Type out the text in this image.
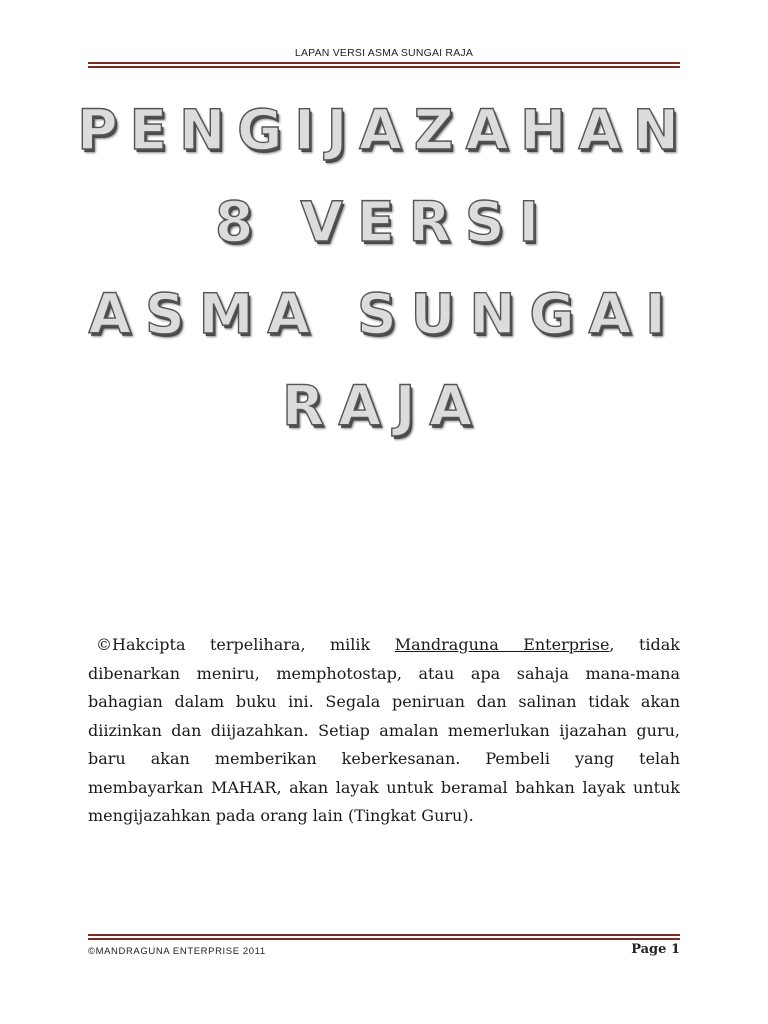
LAPAN VERSI ASMA SUNGAI RAJA
PENGIJAZAHAN
8 VERSI
ASMA SUNGAI
RAJA

©Hakcipta terpelihara, milik Mandraguna Enterprise, tidak dibenarkan meniru, memphotostap, atau apa sahaja mana-mana bahagian dalam buku ini. Segala peniruan dan salinan tidak akan diizinkan dan diijazahkan. Setiap amalan memerlukan ijazahan guru, baru akan memberikan keberkesanan. Pembeli yang telah membayarkan MAHAR, akan layak untuk beramal bahkan layak untuk mengijazahkan pada orang lain (Tingkat Guru).

©MANDRAGUNA ENTERPRISE 2011	Page 1
